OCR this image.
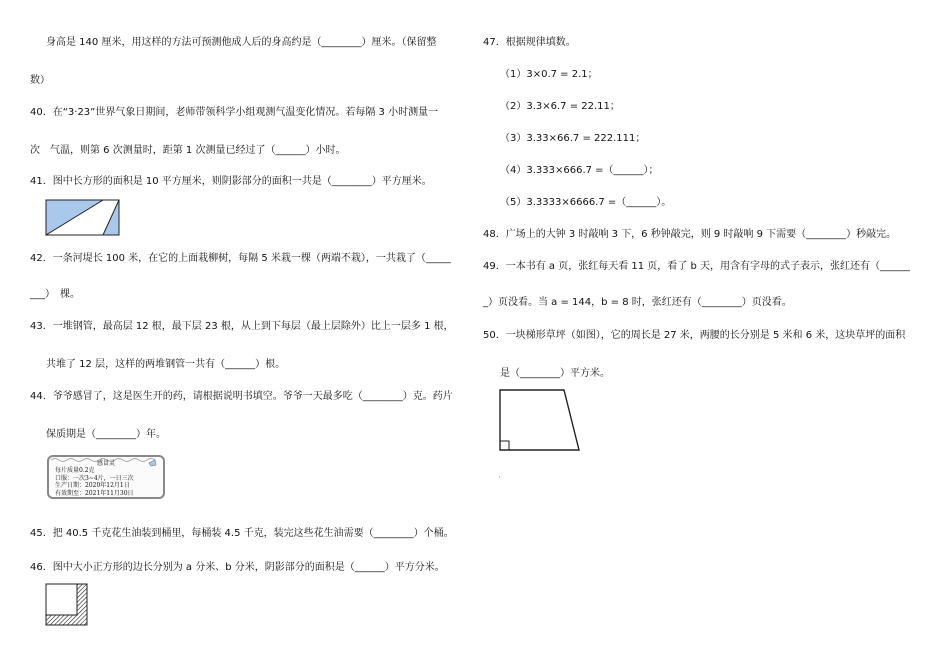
身高是 140 厘米，用这样的方法可预测他成人后的身高约是（________）厘米。（保留整
数）
40．在“3·23”世界气象日期间，老师带领科学小组观测气温变化情况。若每隔 3 小时测量一
次　气温，则第 6 次测量时，距第 1 次测量已经过了（______）小时。
41．图中长方形的面积是 10 平方厘米，则阴影部分的面积一共是（________）平方厘米。
42．一条河堤长 100 米，在它的上面栽柳树，每隔 5 米栽一棵（两端不栽），一共栽了（_____
___）　棵。
43．一堆钢管，最高层 12 根，最下层 23 根，从上到下每层（最上层除外）比上一层多 1 根，
共堆了 12 层，这样的两堆钢管一共有（______）根。
44．爷爷感冒了，这是医生开的药，请根据说明书填空。爷爷一天最多吃（________）克。药片
保质期是（________）年。
感冒灵
每片质量0.2克
口服：一次3~4片，一日三次
生产日期：2020年12月1日
有效期至：2021年11月30日
45．把 40.5 千克花生油装到桶里，每桶装 4.5 千克，装完这些花生油需要（________）个桶。
46．图中大小正方形的边长分别为 a 分米、b 分米，阴影部分的面积是（______）平方分米。
47．根据规律填数。
（1）3×0.7 = 2.1；
（2）3.3×6.7 = 22.11；
（3）3.33×66.7 = 222.111；
（4）3.333×666.7 =（______）；
（5）3.3333×6666.7 =（______）。
48．广场上的大钟 3 时敲响 3 下，6 秒钟敲完，则 9 时敲响 9 下需要（________）秒敲完。
49．一本书有 a 页，张红每天看 11 页，看了 b 天，用含有字母的式子表示，张红还有（______
_）页没看。当 a = 144，b = 8 时，张红还有（________）页没看。
50．一块梯形草坪（如图），它的周长是 27 米，两腰的长分别是 5 米和 6 米，这块草坪的面积
是（________）平方米。
·
